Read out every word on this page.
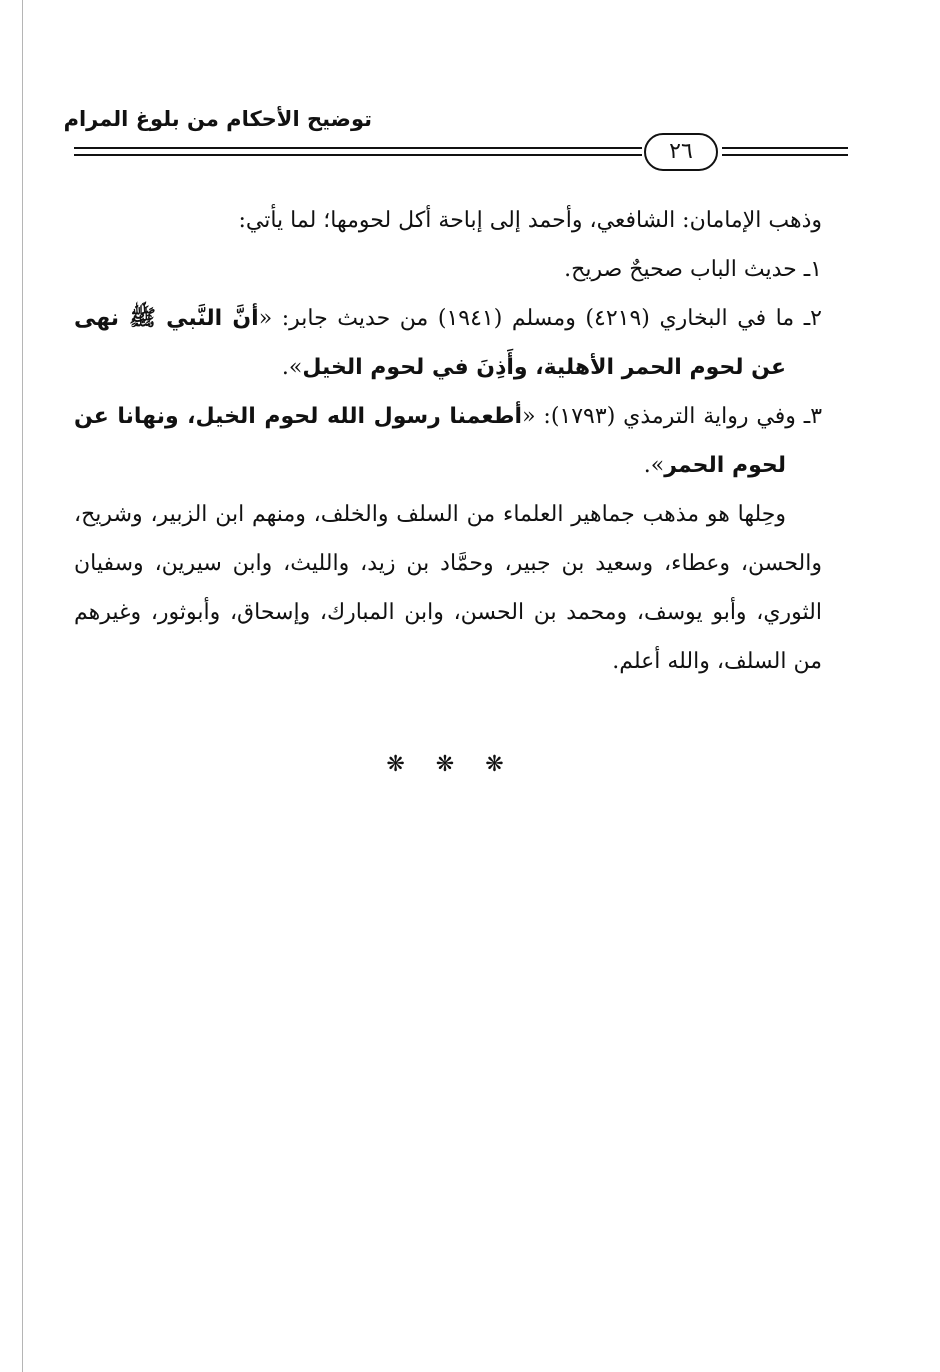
توضيح الأحكام من بلوغ المرام
٢٦

وذهب الإمامان: الشافعي، وأحمد إلى إباحة أكل لحومها؛ لما يأتي:

١ـ حديث الباب صحيحٌ صريح.

٢ـ ما في البخاري (٤٢١٩) ومسلم (١٩٤١) من حديث جابر: «أنَّ النَّبي ﷺ نهى عن لحوم الحمر الأهلية، وأَذِنَ في لحوم الخيل».

٣ـ وفي رواية الترمذي (١٧٩٣): «أطعمنا رسول الله لحوم الخيل، ونهانا عن لحوم الحمر».

وحِلها هو مذهب جماهير العلماء من السلف والخلف، ومنهم ابن الزبير، وشريح، والحسن، وعطاء، وسعيد بن جبير، وحمَّاد بن زيد، والليث، وابن سيرين، وسفيان الثوري، وأبو يوسف، ومحمد بن الحسن، وابن المبارك، وإسحاق، وأبوثور، وغيرهم من السلف، والله أعلم.

❋ ❋ ❋
